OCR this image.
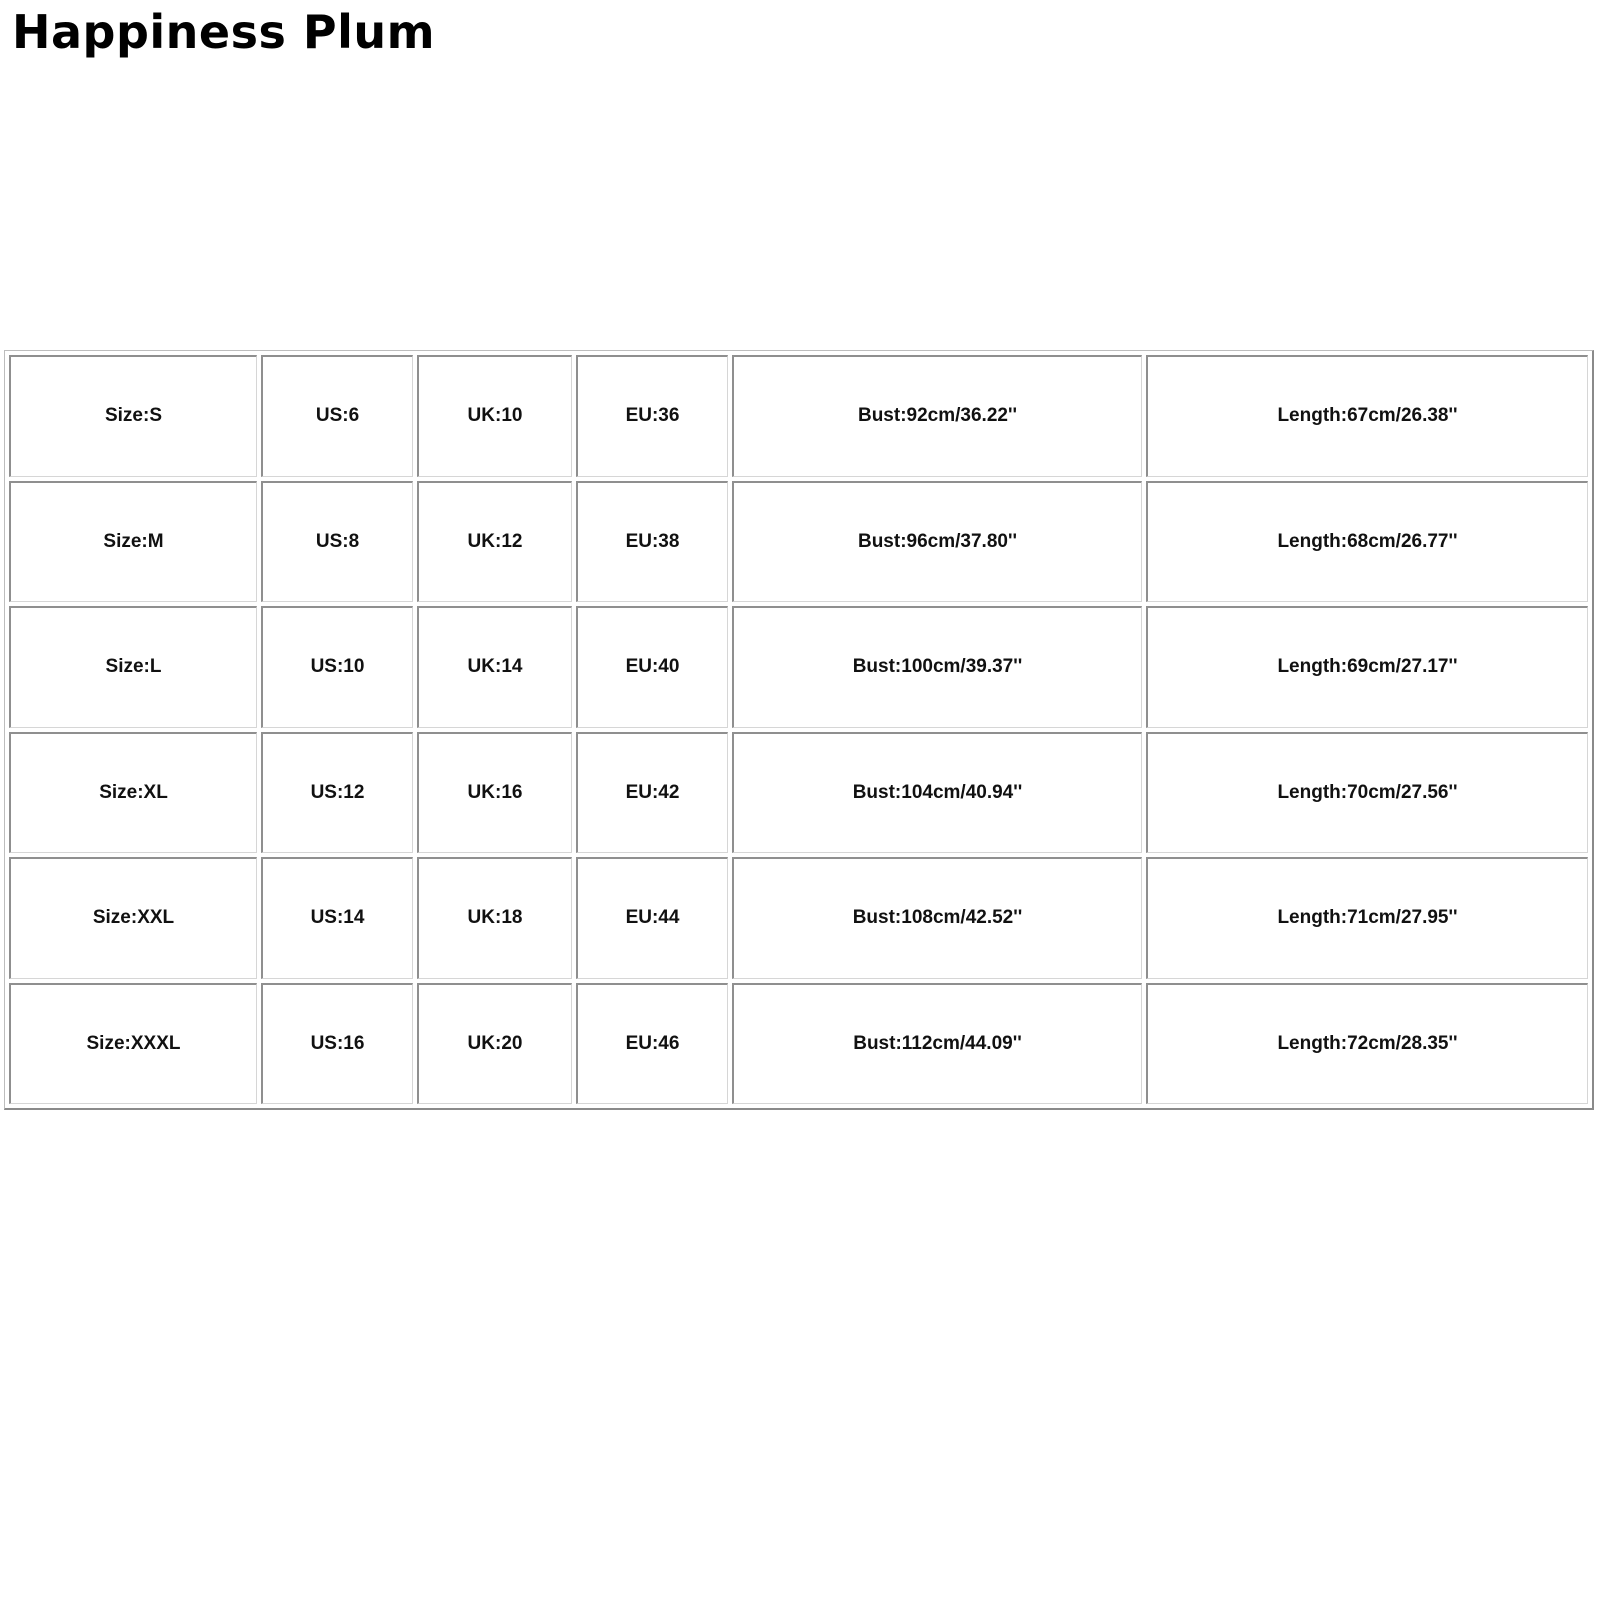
Happiness Plum
Size:S	US:6	UK:10	EU:36	Bust:92cm/36.22''	Length:67cm/26.38''
Size:M	US:8	UK:12	EU:38	Bust:96cm/37.80''	Length:68cm/26.77''
Size:L	US:10	UK:14	EU:40	Bust:100cm/39.37''	Length:69cm/27.17''
Size:XL	US:12	UK:16	EU:42	Bust:104cm/40.94''	Length:70cm/27.56''
Size:XXL	US:14	UK:18	EU:44	Bust:108cm/42.52''	Length:71cm/27.95''
Size:XXXL	US:16	UK:20	EU:46	Bust:112cm/44.09''	Length:72cm/28.35''
